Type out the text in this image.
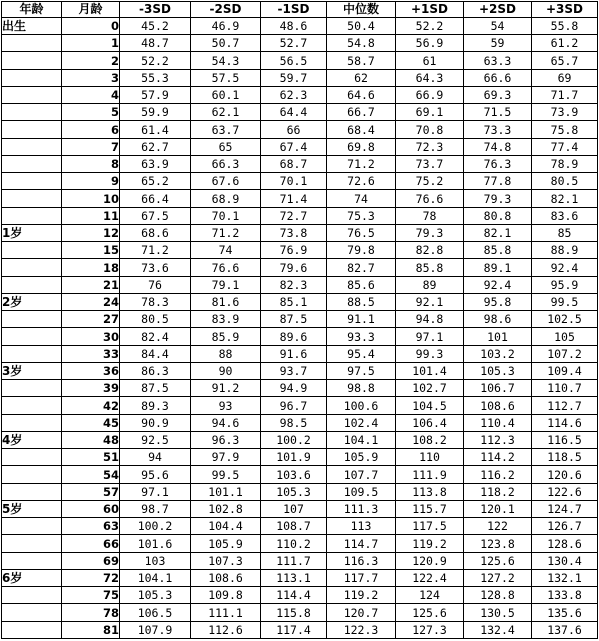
年龄	月龄	-3SD	-2SD	-1SD	中位数	+1SD	+2SD	+3SD
出生	0	45.2	46.9	48.6	50.4	52.2	54	55.8
	1	48.7	50.7	52.7	54.8	56.9	59	61.2
	2	52.2	54.3	56.5	58.7	61	63.3	65.7
	3	55.3	57.5	59.7	62	64.3	66.6	69
	4	57.9	60.1	62.3	64.6	66.9	69.3	71.7
	5	59.9	62.1	64.4	66.7	69.1	71.5	73.9
	6	61.4	63.7	66	68.4	70.8	73.3	75.8
	7	62.7	65	67.4	69.8	72.3	74.8	77.4
	8	63.9	66.3	68.7	71.2	73.7	76.3	78.9
	9	65.2	67.6	70.1	72.6	75.2	77.8	80.5
	10	66.4	68.9	71.4	74	76.6	79.3	82.1
	11	67.5	70.1	72.7	75.3	78	80.8	83.6
1岁	12	68.6	71.2	73.8	76.5	79.3	82.1	85
	15	71.2	74	76.9	79.8	82.8	85.8	88.9
	18	73.6	76.6	79.6	82.7	85.8	89.1	92.4
	21	76	79.1	82.3	85.6	89	92.4	95.9
2岁	24	78.3	81.6	85.1	88.5	92.1	95.8	99.5
	27	80.5	83.9	87.5	91.1	94.8	98.6	102.5
	30	82.4	85.9	89.6	93.3	97.1	101	105
	33	84.4	88	91.6	95.4	99.3	103.2	107.2
3岁	36	86.3	90	93.7	97.5	101.4	105.3	109.4
	39	87.5	91.2	94.9	98.8	102.7	106.7	110.7
	42	89.3	93	96.7	100.6	104.5	108.6	112.7
	45	90.9	94.6	98.5	102.4	106.4	110.4	114.6
4岁	48	92.5	96.3	100.2	104.1	108.2	112.3	116.5
	51	94	97.9	101.9	105.9	110	114.2	118.5
	54	95.6	99.5	103.6	107.7	111.9	116.2	120.6
	57	97.1	101.1	105.3	109.5	113.8	118.2	122.6
5岁	60	98.7	102.8	107	111.3	115.7	120.1	124.7
	63	100.2	104.4	108.7	113	117.5	122	126.7
	66	101.6	105.9	110.2	114.7	119.2	123.8	128.6
	69	103	107.3	111.7	116.3	120.9	125.6	130.4
6岁	72	104.1	108.6	113.1	117.7	122.4	127.2	132.1
	75	105.3	109.8	114.4	119.2	124	128.8	133.8
	78	106.5	111.1	115.8	120.7	125.6	130.5	135.6
	81	107.9	112.6	117.4	122.3	127.3	132.4	137.6
